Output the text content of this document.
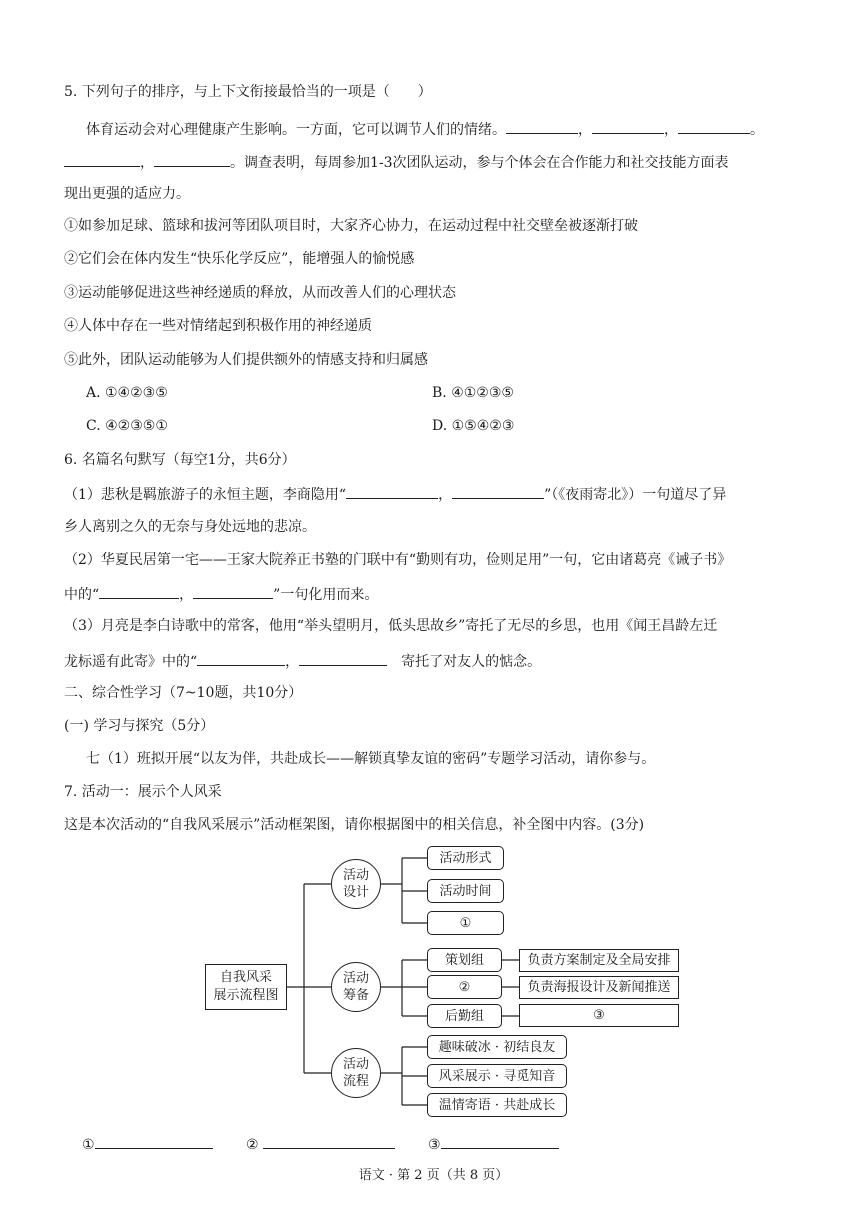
5. 下列句子的排序，与上下文衔接最恰当的一项是（　　）
体育运动会对心理健康产生影响。一方面，它可以调节人们的情绪。	，	，	。
，	。调查表明，每周参加1-3次团队运动，参与个体会在合作能力和社交技能方面表
现出更强的适应力。
①如参加足球、篮球和拔河等团队项目时，大家齐心协力，在运动过程中社交壁垒被逐渐打破
②它们会在体内发生“快乐化学反应”，能增强人的愉悦感
③运动能够促进这些神经递质的释放，从而改善人们的心理状态
④人体中存在一些对情绪起到积极作用的神经递质
⑤此外，团队运动能够为人们提供额外的情感支持和归属感
A. ①④②③⑤	B. ④①②③⑤
C. ④②③⑤①	D. ①⑤④②③
6. 名篇名句默写（每空1分，共6分）
（1）悲秋是羁旅游子的永恒主题，李商隐用“	，	”（《夜雨寄北》）一句道尽了异
乡人离别之久的无奈与身处远地的悲凉。
（2）华夏民居第一宅——王家大院养正书塾的门联中有“勤则有功，俭则足用”一句，它由诸葛亮《诫子书》
中的“	，	”一句化用而来。
（3）月亮是李白诗歌中的常客，他用“举头望明月，低头思故乡”寄托了无尽的乡思，也用《闻王昌龄左迁
龙标遥有此寄》中的“	，　	寄托了对友人的惦念。
二、综合性学习（7~10题，共10分）
(一) 学习与探究（5分）
七（1）班拟开展“以友为伴，共赴成长——解锁真挚友谊的密码”专题学习活动，请你参与。
7. 活动一：展示个人风采
这是本次活动的“自我风采展示”活动框架图，请你根据图中的相关信息，补全图中内容。(3分)
自我风采
展示流程图
活动
设计
活动
筹备
活动
流程
活动形式
活动时间
①
策划组
②
后勤组
负责方案制定及全局安排
负责海报设计及新闻推送
③
趣味破冰 · 初结良友
风采展示 · 寻觅知音
温情寄语 · 共赴成长
①	②	③
语文 · 第 2 页（共 8 页）
